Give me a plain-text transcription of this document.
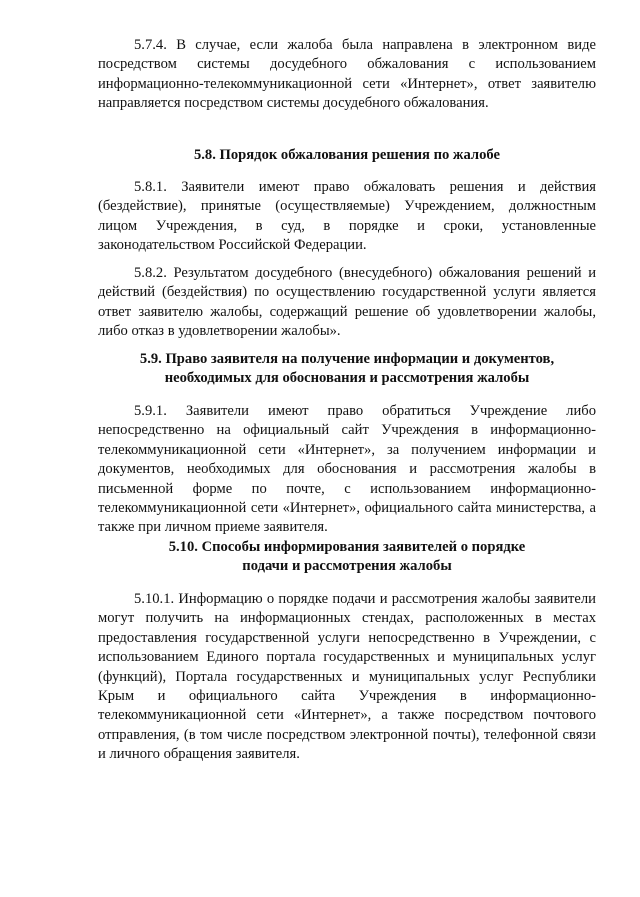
5.7.4. В случае, если жалоба была направлена в электронном виде посредством системы досудебного обжалования с использованием информационно-телекоммуникационной сети «Интернет», ответ заявителю направляется посредством системы досудебного обжалования.

5.8. Порядок обжалования решения по жалобе

5.8.1. Заявители имеют право обжаловать решения и действия (бездействие), принятые (осуществляемые) Учреждением, должностным лицом Учреждения, в суд, в порядке и сроки, установленные законодательством Российской Федерации.

5.8.2. Результатом досудебного (внесудебного) обжалования решений и действий (бездействия) по осуществлению государственной услуги является ответ заявителю жалобы, содержащий решение об удовлетворении жалобы, либо отказ в удовлетворении жалобы».

5.9. Право заявителя на получение информации и документов,
необходимых для обоснования и рассмотрения жалобы

5.9.1. Заявители имеют право обратиться Учреждение либо непосредственно на официальный сайт Учреждения в информационно-телекоммуникационной сети «Интернет», за получением информации и документов, необходимых для обоснования и рассмотрения жалобы в письменной форме по почте, с использованием информационно-телекоммуникационной сети «Интернет», официального сайта министерства, а также при личном приеме заявителя.

5.10. Способы информирования заявителей о порядке
подачи и рассмотрения жалобы

5.10.1. Информацию о порядке подачи и рассмотрения жалобы заявители могут получить на информационных стендах, расположенных в местах предоставления государственной услуги непосредственно в Учреждении, с использованием Единого портала государственных и муниципальных услуг (функций), Портала государственных и муниципальных услуг Республики Крым и официального сайта Учреждения в информационно-телекоммуникационной сети «Интернет», а также посредством почтового отправления, (в том числе посредством электронной почты), телефонной связи и личного обращения заявителя.
